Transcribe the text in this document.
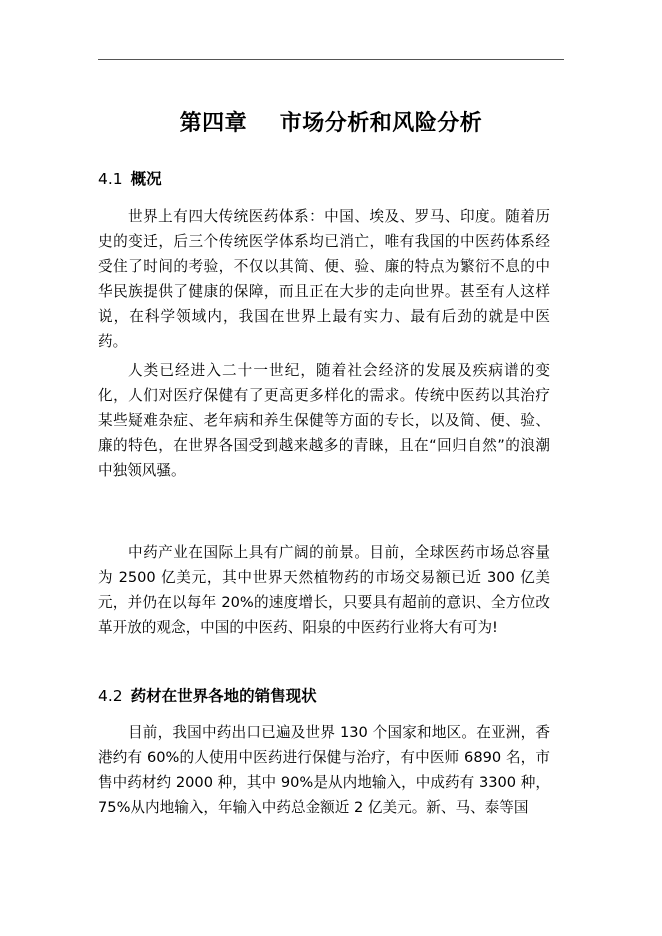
第四章    市场分析和风险分析
4.1 概况

世界上有四大传统医药体系：中国、埃及、罗马、印度。随着历史的变迁，后三个传统医学体系均已消亡，唯有我国的中医药体系经受住了时间的考验，不仅以其简、便、验、廉的特点为繁衍不息的中华民族提供了健康的保障，而且正在大步的走向世界。甚至有人这样说，在科学领域内，我国在世界上最有实力、最有后劲的就是中医药。

人类已经进入二十一世纪，随着社会经济的发展及疾病谱的变化，人们对医疗保健有了更高更多样化的需求。传统中医药以其治疗某些疑难杂症、老年病和养生保健等方面的专长，以及简、便、验、廉的特色，在世界各国受到越来越多的青睐，且在“回归自然”的浪潮中独领风骚。

中药产业在国际上具有广阔的前景。目前，全球医药市场总容量为 2500 亿美元，其中世界天然植物药的市场交易额已近 300 亿美元，并仍在以每年 20%的速度增长，只要具有超前的意识、全方位改革开放的观念，中国的中医药、阳泉的中医药行业将大有可为!

4.2 药材在世界各地的销售现状

目前，我国中药出口已遍及世界 130 个国家和地区。在亚洲，香港约有 60%的人使用中医药进行保健与治疗，有中医师 6890 名，市售中药材约 2000 种，其中 90%是从内地输入，中成药有 3300 种，75%从内地输入，年输入中药总金额近 2 亿美元。新、马、泰等国
